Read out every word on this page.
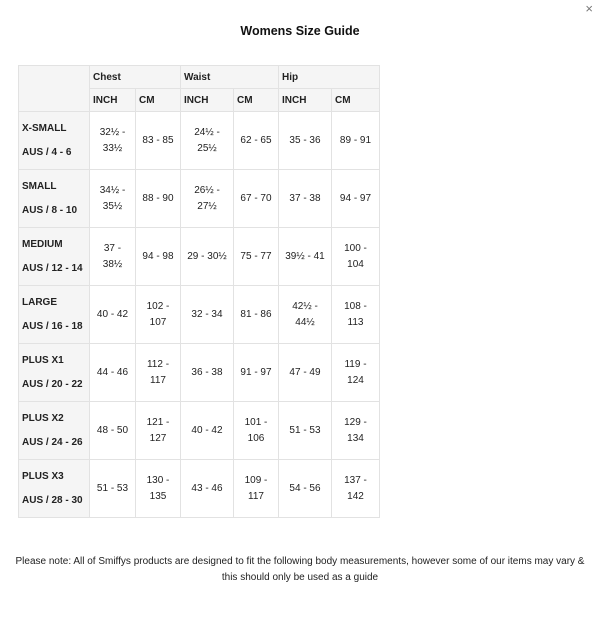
×
Womens Size Guide
	Chest		Waist		Hip	
	INCH	CM	INCH	CM	INCH	CM

X-SMALL
AUS / 4 - 6	32½ - 33½	83 - 85	24½ - 25½	62 - 65	35 - 36	89 - 91

SMALL
AUS / 8 - 10	34½ - 35½	88 - 90	26½ - 27½	67 - 70	37 - 38	94 - 97

MEDIUM
AUS / 12 - 14	37 - 38½	94 - 98	29 - 30½	75 - 77	39½ - 41	100 - 104

LARGE
AUS / 16 - 18	40 - 42	102 - 107	32 - 34	81 - 86	42½ - 44½	108 - 113

PLUS X1
AUS / 20 - 22	44 - 46	112 - 117	36 - 38	91 - 97	47 - 49	119 - 124

PLUS X2
AUS / 24 - 26	48 - 50	121 - 127	40 - 42	101 - 106	51 - 53	129 - 134

PLUS X3
AUS / 28 - 30	51 - 53	130 - 135	43 - 46	109 - 117	54 - 56	137 - 142
Please note: All of Smiffys products are designed to fit the following body measurements, however some of our items may vary & this should only be used as a guide
